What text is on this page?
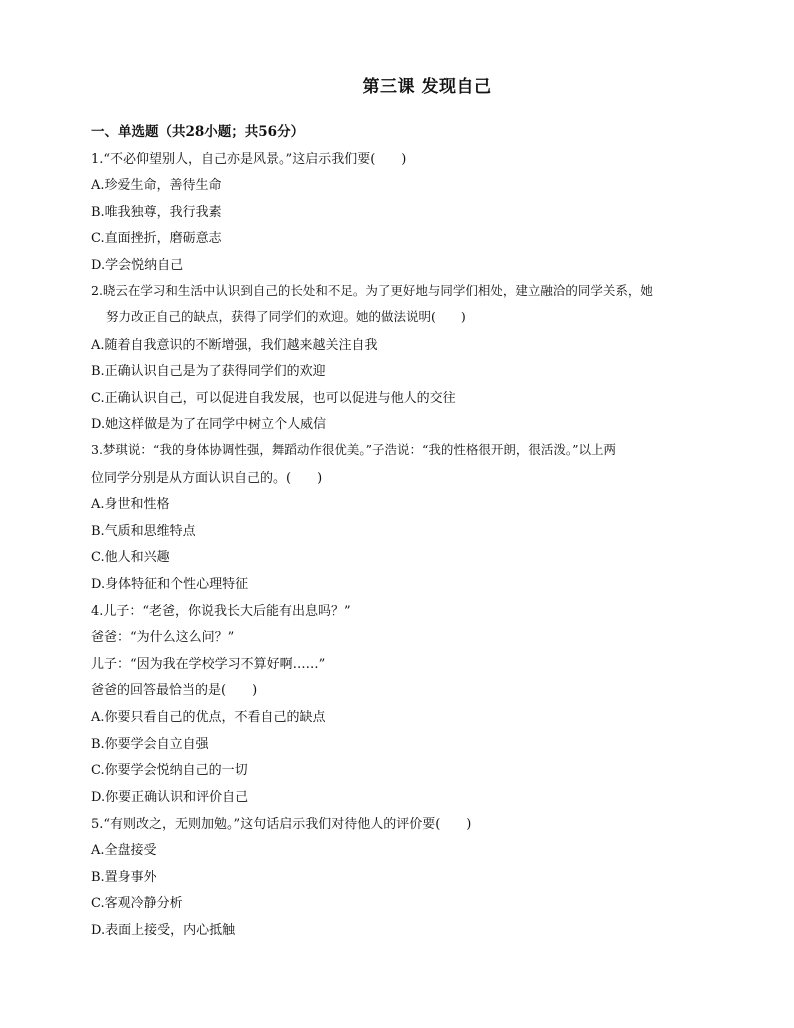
第三课 发现自己
一、单选题（共28小题；共56分）
1.“不必仰望别人，自己亦是风景。”这启示我们要(　　)
A.珍爱生命，善待生命
B.唯我独尊，我行我素
C.直面挫折，磨砺意志
D.学会悦纳自己
2.晓云在学习和生活中认识到自己的长处和不足。为了更好地与同学们相处，建立融洽的同学关系，她
努力改正自己的缺点，获得了同学们的欢迎。她的做法说明(　　)
A.随着自我意识的不断增强，我们越来越关注自我
B.正确认识自己是为了获得同学们的欢迎
C.正确认识自己，可以促进自我发展，也可以促进与他人的交往
D.她这样做是为了在同学中树立个人威信
3.梦琪说：“我的身体协调性强，舞蹈动作很优美。”子浩说：“我的性格很开朗，很活泼。”以上两
位同学分别是从方面认识自己的。(　　)
A.身世和性格
B.气质和思维特点
C.他人和兴趣
D.身体特征和个性心理特征
4.儿子：“老爸，你说我长大后能有出息吗？”
爸爸：“为什么这么问？”
儿子：“因为我在学校学习不算好啊……”
爸爸的回答最恰当的是(　　)
A.你要只看自己的优点，不看自己的缺点
B.你要学会自立自强
C.你要学会悦纳自己的一切
D.你要正确认识和评价自己
5.“有则改之，无则加勉。”这句话启示我们对待他人的评价要(　　)
A.全盘接受
B.置身事外
C.客观冷静分析
D.表面上接受，内心抵触
